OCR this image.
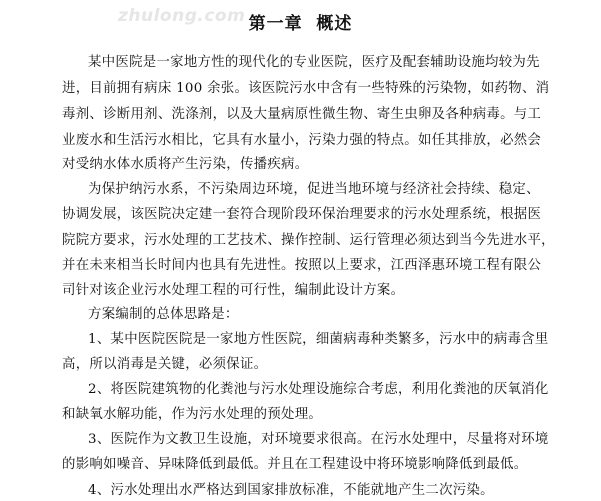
zhulong.com 第一章  概述
某中医院是一家地方性的现代化的专业医院，医疗及配套辅助设施均较为先
进，目前拥有病床 100 余张。该医院污水中含有一些特殊的污染物，如药物、消
毒剂、诊断用剂、洗涤剂，以及大量病原性微生物、寄生虫卵及各种病毒。与工
业废水和生活污水相比，它具有水量小，污染力强的特点。如任其排放，必然会
对受纳水体水质将产生污染，传播疾病。
为保护纳污水系，不污染周边环境，促进当地环境与经济社会持续、稳定、
协调发展，该医院决定建一套符合现阶段环保治理要求的污水处理系统，根据医
院院方要求，污水处理的工艺技术、操作控制、运行管理必须达到当今先进水平，
并在未来相当长时间内也具有先进性。按照以上要求，江西泽惠环境工程有限公
司针对该企业污水处理工程的可行性，编制此设计方案。
方案编制的总体思路是：
1、某中医院医院是一家地方性医院，细菌病毒种类繁多，污水中的病毒含里
高，所以消毒是关键，必须保证。
2、将医院建筑物的化粪池与污水处理设施综合考虑，利用化粪池的厌氧消化
和缺氧水解功能，作为污水处理的预处理。
3、医院作为文教卫生设施，对环境要求很高。在污水处理中，尽量将对环境
的影响如噪音、异味降低到最低。并且在工程建设中将环境影响降低到最低。
4、污水处理出水严格达到国家排放标准，不能就地产生二次污染。
